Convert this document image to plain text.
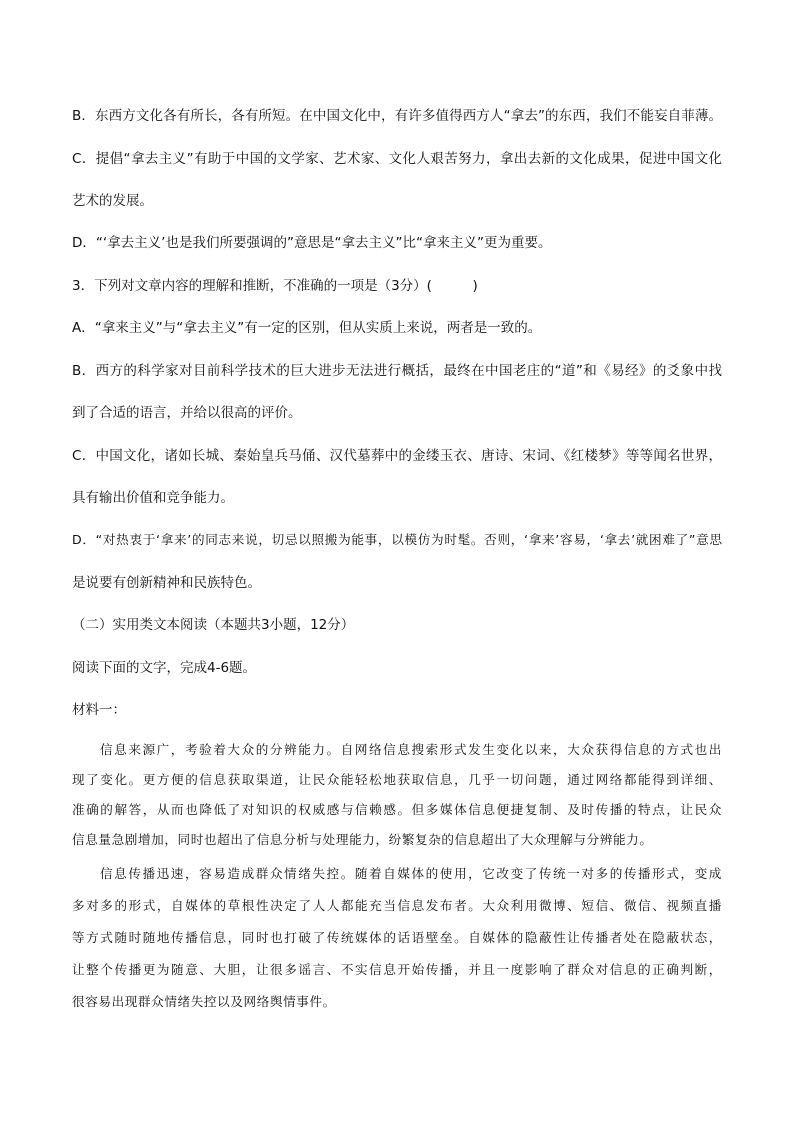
B．东西方文化各有所长，各有所短。在中国文化中，有许多值得西方人“拿去”的东西，我们不能妄自菲薄。
C．提倡“拿去主义”有助于中国的文学家、艺术家、文化人艰苦努力，拿出去新的文化成果，促进中国文化
艺术的发展。
D．“‘拿去主义’也是我们所要强调的”意思是“拿去主义”比“拿来主义”更为重要。
3．下列对文章内容的理解和推断，不准确的一项是（3分）(　　　)
A．“拿来主义”与“拿去主义”有一定的区别，但从实质上来说，两者是一致的。
B．西方的科学家对目前科学技术的巨大进步无法进行概括，最终在中国老庄的“道”和《易经》的爻象中找
到了合适的语言，并给以很高的评价。
C．中国文化，诸如长城、秦始皇兵马俑、汉代墓葬中的金缕玉衣、唐诗、宋词、《红楼梦》等等闻名世界，
具有输出价值和竞争能力。
D．“对热衷于‘拿来’的同志来说，切忌以照搬为能事，以模仿为时髦。否则，‘拿来’容易，‘拿去’就困难了”意思
是说要有创新精神和民族特色。
（二）实用类文本阅读（本题共3小题，12分）
阅读下面的文字，完成4-6题。
材料一：
信息来源广，考验着大众的分辨能力。自网络信息搜索形式发生变化以来，大众获得信息的方式也出
现了变化。更方便的信息获取渠道，让民众能轻松地获取信息，几乎一切问题，通过网络都能得到详细、
准确的解答，从而也降低了对知识的权威感与信赖感。但多媒体信息便捷复制、及时传播的特点，让民众
信息量急剧增加，同时也超出了信息分析与处理能力，纷繁复杂的信息超出了大众理解与分辨能力。
信息传播迅速，容易造成群众情绪失控。随着自媒体的使用，它改变了传统一对多的传播形式，变成
多对多的形式，自媒体的草根性决定了人人都能充当信息发布者。大众利用微博、短信、微信、视频直播
等方式随时随地传播信息，同时也打破了传统媒体的话语壁垒。自媒体的隐蔽性让传播者处在隐蔽状态，
让整个传播更为随意、大胆，让很多谣言、不实信息开始传播，并且一度影响了群众对信息的正确判断，
很容易出现群众情绪失控以及网络舆情事件。
